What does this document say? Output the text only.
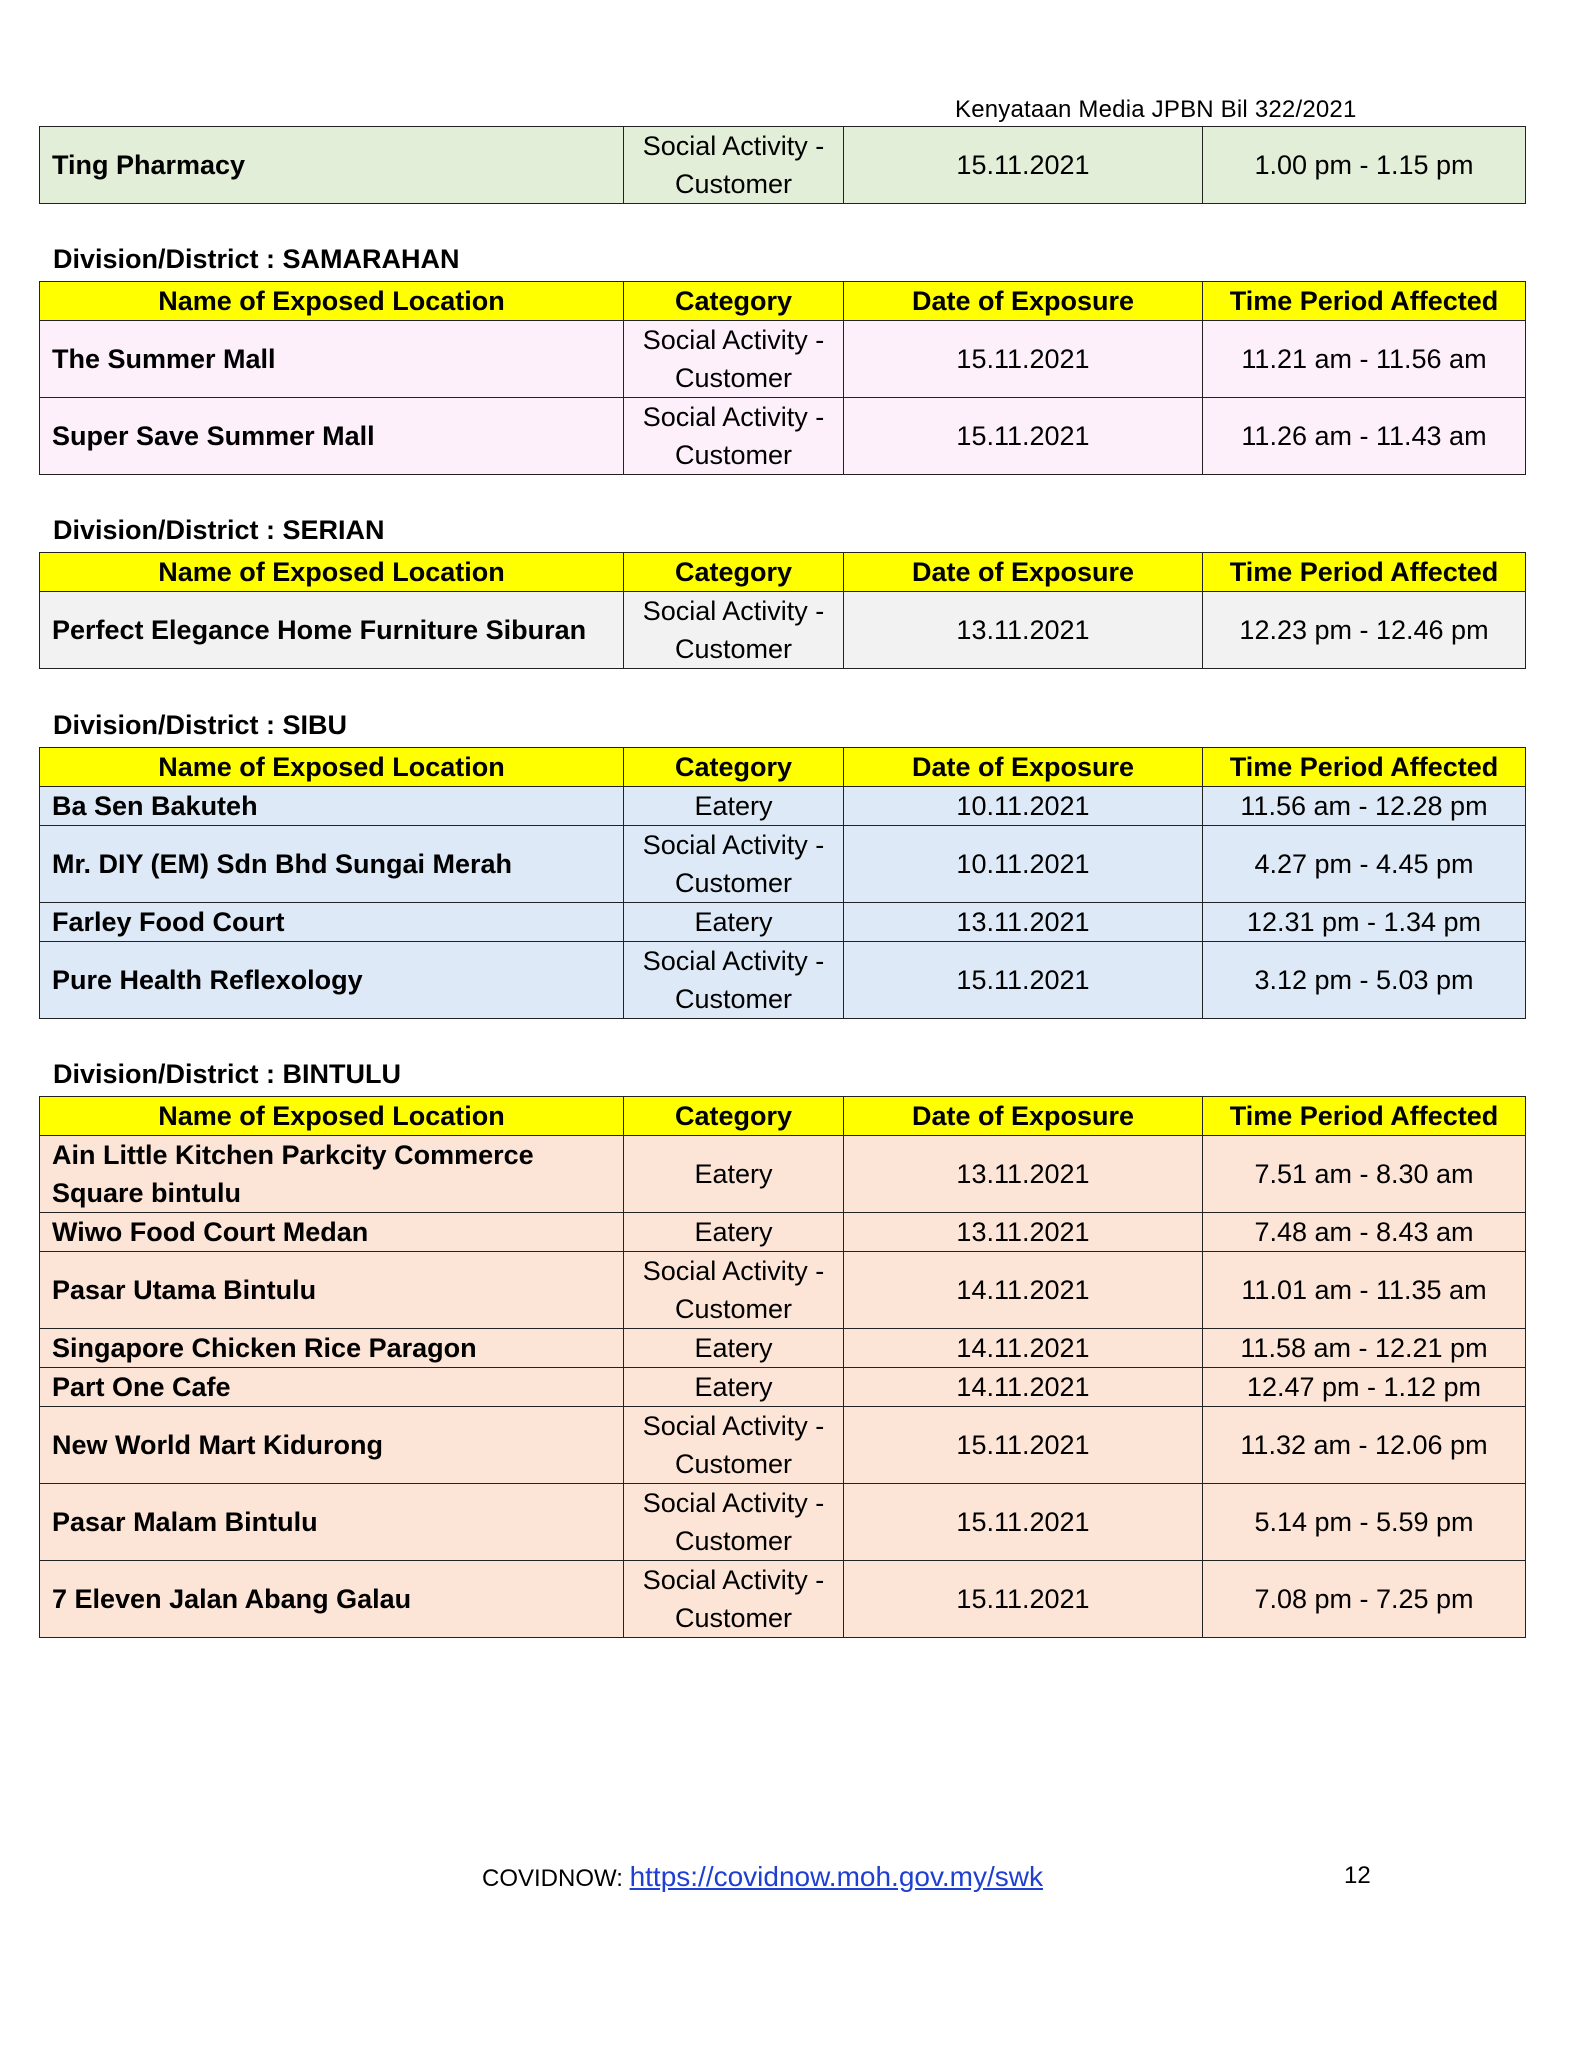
Kenyataan Media JPBN Bil 322/2021
Ting Pharmacy	Social Activity - Customer	15.11.2021	1.00 pm - 1.15 pm
Division/District : SAMARAHAN
Name of Exposed Location	Category	Date of Exposure	Time Period Affected
The Summer Mall	Social Activity - Customer	15.11.2021	11.21 am - 11.56 am
Super Save Summer Mall	Social Activity - Customer	15.11.2021	11.26 am - 11.43 am
Division/District : SERIAN
Name of Exposed Location	Category	Date of Exposure	Time Period Affected
Perfect Elegance Home Furniture Siburan	Social Activity - Customer	13.11.2021	12.23 pm - 12.46 pm
Division/District : SIBU
Name of Exposed Location	Category	Date of Exposure	Time Period Affected
Ba Sen Bakuteh	Eatery	10.11.2021	11.56 am - 12.28 pm
Mr. DIY (EM) Sdn Bhd Sungai Merah	Social Activity - Customer	10.11.2021	4.27 pm - 4.45 pm
Farley Food Court	Eatery	13.11.2021	12.31 pm - 1.34 pm
Pure Health Reflexology	Social Activity - Customer	15.11.2021	3.12 pm - 5.03 pm
Division/District : BINTULU
Name of Exposed Location	Category	Date of Exposure	Time Period Affected
Ain Little Kitchen Parkcity Commerce Square bintulu	Eatery	13.11.2021	7.51 am - 8.30 am
Wiwo Food Court Medan	Eatery	13.11.2021	7.48 am - 8.43 am
Pasar Utama Bintulu	Social Activity - Customer	14.11.2021	11.01 am - 11.35 am
Singapore Chicken Rice Paragon	Eatery	14.11.2021	11.58 am - 12.21 pm
Part One Cafe	Eatery	14.11.2021	12.47 pm - 1.12 pm
New World Mart Kidurong	Social Activity - Customer	15.11.2021	11.32 am - 12.06 pm
Pasar Malam Bintulu	Social Activity - Customer	15.11.2021	5.14 pm - 5.59 pm
7 Eleven Jalan Abang Galau	Social Activity - Customer	15.11.2021	7.08 pm - 7.25 pm
COVIDNOW: https://covidnow.moh.gov.my/swk	12
